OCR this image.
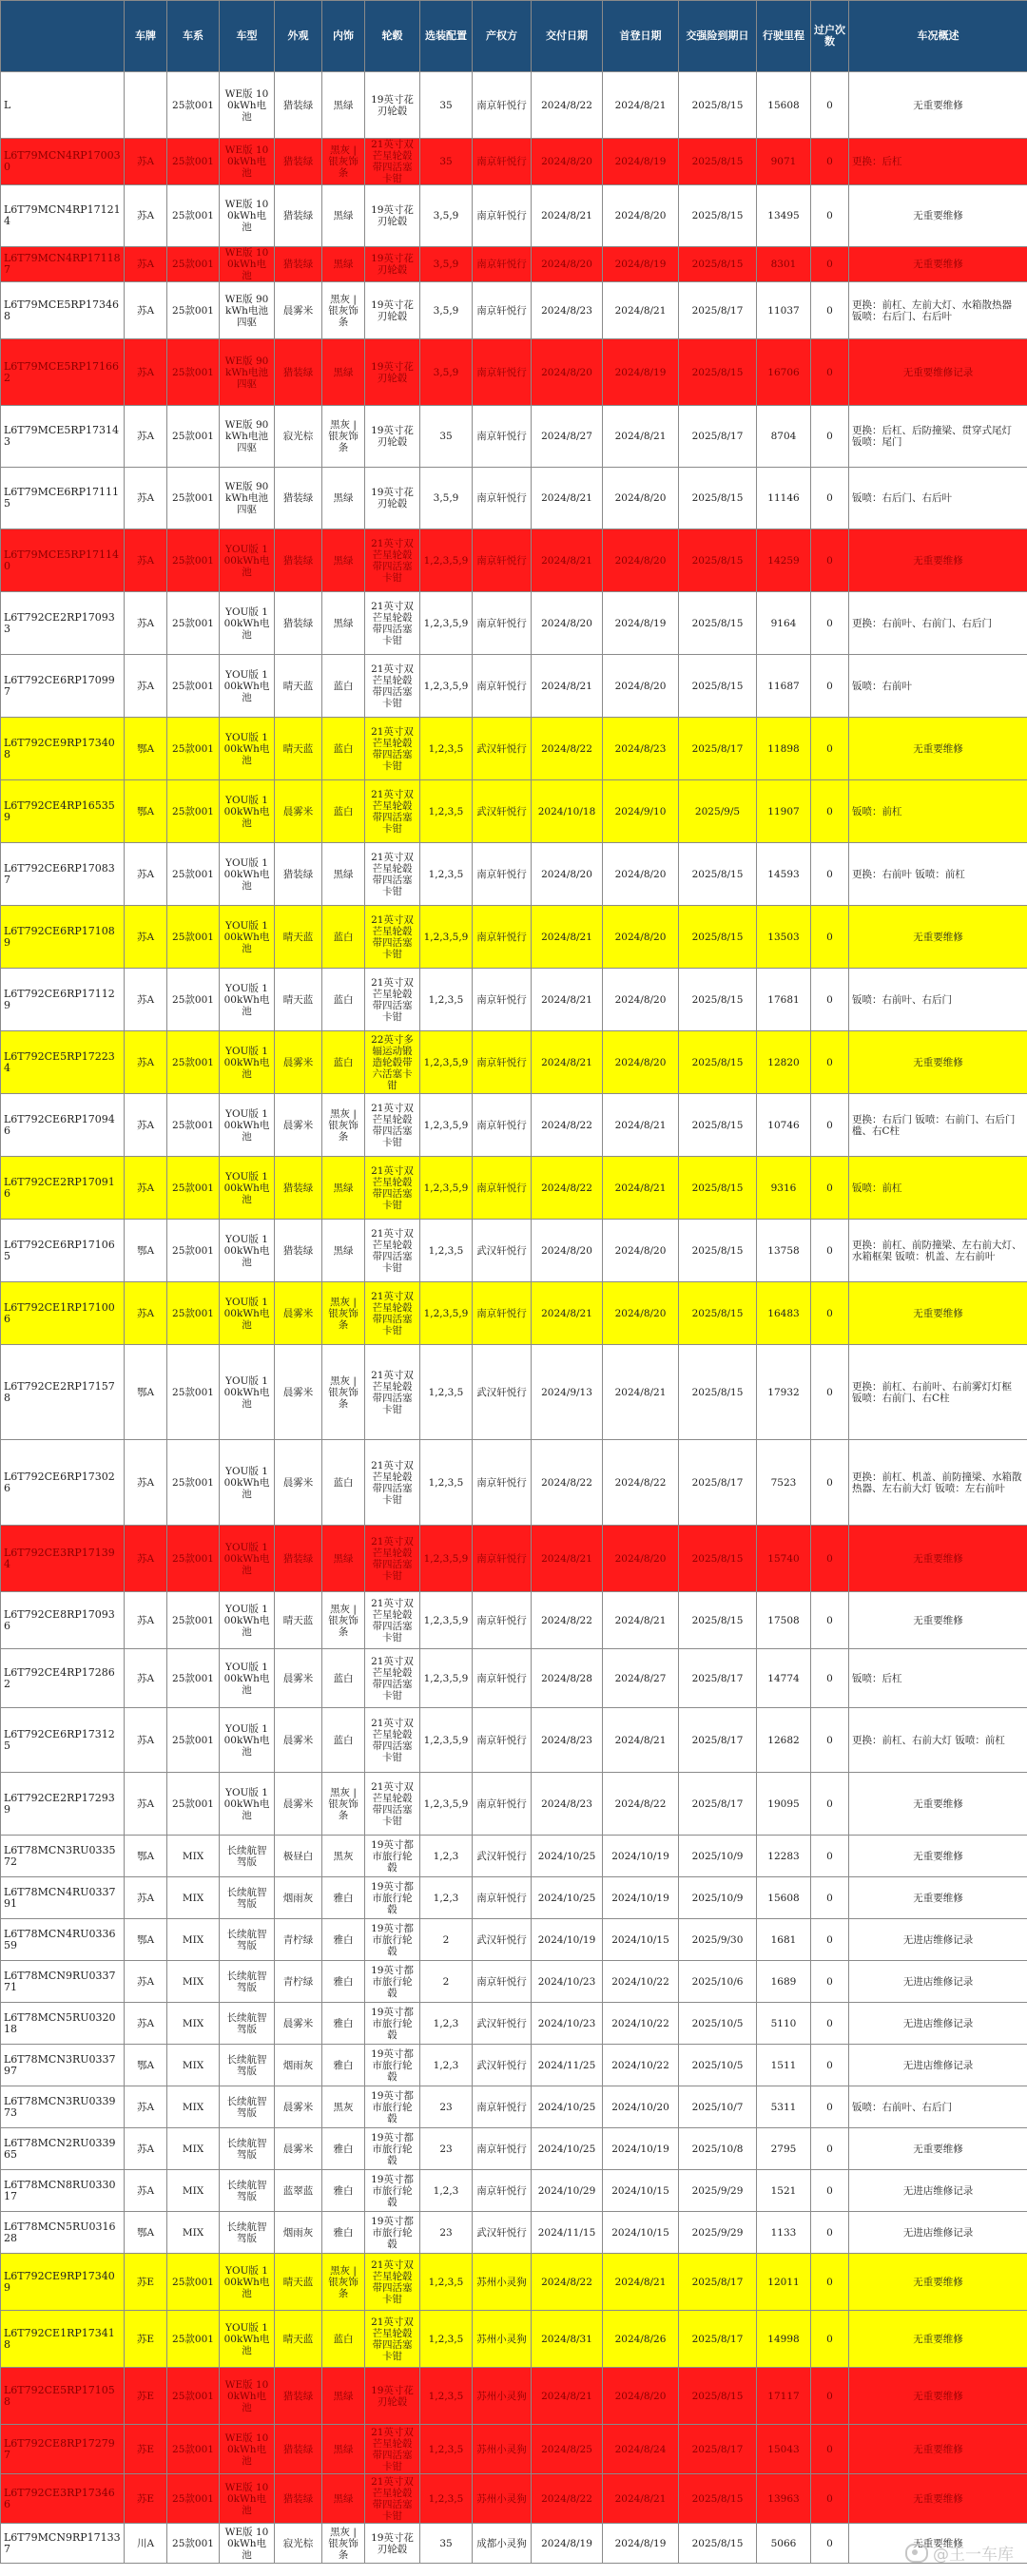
	车牌	车系	车型	外观	内饰	轮毂	选装配置	产权方	交付日期	首登日期	交强险到期日	行驶里程	过户次数	车况概述
L		25款001	WE版 100kWh电池	猎装绿	黑绿	19英寸花 刃轮毂	35	南京轩悦行	2024/8/22	2024/8/21	2025/8/15	15608	0	无重要维修
L6T79MCN4RP170030	苏A	25款001	WE版 100kWh电池	猎装绿	黑灰 | 银灰饰条	21英寸双芒星轮毂带四活塞卡钳	35	南京轩悦行	2024/8/20	2024/8/19	2025/8/15	9071	0	更换：后杠
L6T79MCN4RP171214	苏A	25款001	WE版 100kWh电池	猎装绿	黑绿	19英寸花 刃轮毂	3,5,9	南京轩悦行	2024/8/21	2024/8/20	2025/8/15	13495	0	无重要维修
L6T79MCN4RP171187	苏A	25款001	WE版 100kWh电池	猎装绿	黑绿	19英寸花 刃轮毂	3,5,9	南京轩悦行	2024/8/20	2024/8/19	2025/8/15	8301	0	无重要维修
L6T79MCE5RP173468	苏A	25款001	WE版 90kWh电池 四驱	晨雾米	黑灰 | 银灰饰条	19英寸花 刃轮毂	3,5,9	南京轩悦行	2024/8/23	2024/8/21	2025/8/17	11037	0	更换：前杠、左前大灯、水箱散热器 钣喷：右后门、右后叶
L6T79MCE5RP171662	苏A	25款001	WE版 90kWh电池 四驱	猎装绿	黑绿	19英寸花 刃轮毂	3,5,9	南京轩悦行	2024/8/20	2024/8/19	2025/8/15	16706	0	无重要维修记录
L6T79MCE5RP173143	苏A	25款001	WE版 90kWh电池 四驱	寂光棕	黑灰 | 银灰饰条	19英寸花 刃轮毂	35	南京轩悦行	2024/8/27	2024/8/21	2025/8/17	8704	0	更换：后杠、后防撞梁、贯穿式尾灯 钣喷：尾门
L6T79MCE6RP171115	苏A	25款001	WE版 90kWh电池 四驱	猎装绿	黑绿	19英寸花 刃轮毂	3,5,9	南京轩悦行	2024/8/21	2024/8/20	2025/8/15	11146	0	钣喷：右后门、右后叶
L6T79MCE5RP171140	苏A	25款001	YOU版 100kWh电池	猎装绿	黑绿	21英寸双芒星轮毂带四活塞卡钳	1,2,3,5,9	南京轩悦行	2024/8/21	2024/8/20	2025/8/15	14259	0	无重要维修
L6T792CE2RP170933	苏A	25款001	YOU版 100kWh电池	猎装绿	黑绿	21英寸双芒星轮毂带四活塞卡钳	1,2,3,5,9	南京轩悦行	2024/8/20	2024/8/19	2025/8/15	9164	0	更换：右前叶、右前门、右后门
L6T792CE6RP170997	苏A	25款001	YOU版 100kWh电池	晴天蓝	蓝白	21英寸双芒星轮毂带四活塞卡钳	1,2,3,5,9	南京轩悦行	2024/8/21	2024/8/20	2025/8/15	11687	0	钣喷：右前叶
L6T792CE9RP173408	鄂A	25款001	YOU版 100kWh电池	晴天蓝	蓝白	21英寸双芒星轮毂带四活塞卡钳	1,2,3,5	武汉轩悦行	2024/8/22	2024/8/23	2025/8/17	11898	0	无重要维修
L6T792CE4RP165359	鄂A	25款001	YOU版 100kWh电池	晨雾米	蓝白	21英寸双芒星轮毂带四活塞卡钳	1,2,3,5	武汉轩悦行	2024/10/18	2024/9/10	2025/9/5	11907	0	钣喷：前杠
L6T792CE6RP170837	苏A	25款001	YOU版 100kWh电池	猎装绿	黑绿	21英寸双芒星轮毂带四活塞卡钳	1,2,3,5	南京轩悦行	2024/8/20	2024/8/20	2025/8/15	14593	0	更换：右前叶 钣喷：前杠
L6T792CE6RP171089	苏A	25款001	YOU版 100kWh电池	晴天蓝	蓝白	21英寸双芒星轮毂带四活塞卡钳	1,2,3,5,9	南京轩悦行	2024/8/21	2024/8/20	2025/8/15	13503	0	无重要维修
L6T792CE6RP171129	苏A	25款001	YOU版 100kWh电池	晴天蓝	蓝白	21英寸双芒星轮毂带四活塞卡钳	1,2,3,5	南京轩悦行	2024/8/21	2024/8/20	2025/8/15	17681	0	钣喷：右前叶、右后门
L6T792CE5RP172234	苏A	25款001	YOU版 100kWh电池	晨雾米	蓝白	22英寸多辐运动锻造轮毂带六活塞卡钳	1,2,3,5,9	南京轩悦行	2024/8/21	2024/8/20	2025/8/15	12820	0	无重要维修
L6T792CE6RP170946	苏A	25款001	YOU版 100kWh电池	晨雾米	黑灰 | 银灰饰条	21英寸双芒星轮毂带四活塞卡钳	1,2,3,5,9	南京轩悦行	2024/8/22	2024/8/21	2025/8/15	10746	0	更换：右后门 钣喷：右前门、右后门槛、右C柱
L6T792CE2RP170916	苏A	25款001	YOU版 100kWh电池	猎装绿	黑绿	21英寸双芒星轮毂带四活塞卡钳	1,2,3,5,9	南京轩悦行	2024/8/22	2024/8/21	2025/8/15	9316	0	钣喷：前杠
L6T792CE6RP171065	鄂A	25款001	YOU版 100kWh电池	猎装绿	黑绿	21英寸双芒星轮毂带四活塞卡钳	1,2,3,5	武汉轩悦行	2024/8/20	2024/8/20	2025/8/15	13758	0	更换：前杠、前防撞梁、左右前大灯、水箱框架 钣喷：机盖、左右前叶
L6T792CE1RP171006	苏A	25款001	YOU版 100kWh电池	晨雾米	黑灰 | 银灰饰条	21英寸双芒星轮毂带四活塞卡钳	1,2,3,5,9	南京轩悦行	2024/8/21	2024/8/20	2025/8/15	16483	0	无重要维修
L6T792CE2RP171578	鄂A	25款001	YOU版 100kWh电池	晨雾米	黑灰 | 银灰饰条	21英寸双芒星轮毂带四活塞卡钳	1,2,3,5	武汉轩悦行	2024/9/13	2024/8/21	2025/8/15	17932	0	更换：前杠、右前叶、右前雾灯灯框 钣喷：右前门、右C柱
L6T792CE6RP173026	苏A	25款001	YOU版 100kWh电池	晨雾米	蓝白	21英寸双芒星轮毂带四活塞卡钳	1,2,3,5	南京轩悦行	2024/8/22	2024/8/22	2025/8/17	7523	0	更换：前杠、机盖、前防撞梁、水箱散热器、左右前大灯 钣喷：左右前叶
L6T792CE3RP171394	苏A	25款001	YOU版 100kWh电池	猎装绿	黑绿	21英寸双芒星轮毂带四活塞卡钳	1,2,3,5,9	南京轩悦行	2024/8/21	2024/8/20	2025/8/15	15740	0	无重要维修
L6T792CE8RP170936	苏A	25款001	YOU版 100kWh电池	晴天蓝	黑灰 | 银灰饰条	21英寸双芒星轮毂带四活塞卡钳	1,2,3,5,9	南京轩悦行	2024/8/22	2024/8/21	2025/8/15	17508	0	无重要维修
L6T792CE4RP172862	苏A	25款001	YOU版 100kWh电池	晨雾米	蓝白	21英寸双芒星轮毂带四活塞卡钳	1,2,3,5,9	南京轩悦行	2024/8/28	2024/8/27	2025/8/17	14774	0	钣喷：后杠
L6T792CE6RP173125	苏A	25款001	YOU版 100kWh电池	晨雾米	蓝白	21英寸双芒星轮毂带四活塞卡钳	1,2,3,5,9	南京轩悦行	2024/8/23	2024/8/21	2025/8/17	12682	0	更换：前杠、右前大灯 钣喷：前杠
L6T792CE2RP172939	苏A	25款001	YOU版 100kWh电池	晨雾米	黑灰 | 银灰饰条	21英寸双芒星轮毂带四活塞卡钳	1,2,3,5,9	南京轩悦行	2024/8/23	2024/8/22	2025/8/17	19095	0	无重要维修
L6T78MCN3RU033572	鄂A	MIX	长续航智驾版	极昼白	黑灰	19英寸都市旅行轮毂	1,2,3	武汉轩悦行	2024/10/25	2024/10/19	2025/10/9	12283	0	无重要维修
L6T78MCN4RU033791	苏A	MIX	长续航智驾版	烟雨灰	雅白	19英寸都市旅行轮毂	1,2,3	南京轩悦行	2024/10/25	2024/10/19	2025/10/9	15608	0	无重要维修
L6T78MCN4RU033659	鄂A	MIX	长续航智驾版	青柠绿	雅白	19英寸都市旅行轮毂	2	武汉轩悦行	2024/10/19	2024/10/15	2025/9/30	1681	0	无进店维修记录
L6T78MCN9RU033771	苏A	MIX	长续航智驾版	青柠绿	雅白	19英寸都市旅行轮毂	2	南京轩悦行	2024/10/23	2024/10/22	2025/10/6	1689	0	无进店维修记录
L6T78MCN5RU032018	苏A	MIX	长续航智驾版	晨雾米	雅白	19英寸都市旅行轮毂	1,2,3	武汉轩悦行	2024/10/23	2024/10/22	2025/10/5	5110	0	无进店维修记录
L6T78MCN3RU033797	鄂A	MIX	长续航智驾版	烟雨灰	雅白	19英寸都市旅行轮毂	1,2,3	武汉轩悦行	2024/11/25	2024/10/22	2025/10/5	1511	0	无进店维修记录
L6T78MCN3RU033973	苏A	MIX	长续航智驾版	晨雾米	黑灰	19英寸都市旅行轮毂	23	南京轩悦行	2024/10/25	2024/10/20	2025/10/7	5311	0	钣喷：右前叶、右后门
L6T78MCN2RU033965	苏A	MIX	长续航智驾版	晨雾米	雅白	19英寸都市旅行轮毂	23	南京轩悦行	2024/10/25	2024/10/19	2025/10/8	2795	0	无重要维修
L6T78MCN8RU033017	苏A	MIX	长续航智驾版	蓝翠蓝	雅白	19英寸都市旅行轮毂	1,2,3	南京轩悦行	2024/10/29	2024/10/15	2025/9/29	1521	0	无进店维修记录
L6T78MCN5RU031628	鄂A	MIX	长续航智驾版	烟雨灰	雅白	19英寸都市旅行轮毂	23	武汉轩悦行	2024/11/15	2024/10/15	2025/9/29	1133	0	无进店维修记录
L6T792CE9RP173409	苏E	25款001	YOU版 100kWh电池	晴天蓝	黑灰 | 银灰饰条	21英寸双芒星轮毂带四活塞卡钳	1,2,3,5	苏州小灵狗	2024/8/22	2024/8/21	2025/8/17	12011	0	无重要维修
L6T792CE1RP173418	苏E	25款001	YOU版 100kWh电池	晴天蓝	蓝白	21英寸双芒星轮毂带四活塞卡钳	1,2,3,5	苏州小灵狗	2024/8/31	2024/8/26	2025/8/17	14998	0	无重要维修
L6T792CE5RP171058	苏E	25款001	WE版 100kWh电池	猎装绿	黑绿	19英寸花 刃轮毂	1,2,3,5	苏州小灵狗	2024/8/21	2024/8/20	2025/8/15	17117	0	无重要维修
L6T792CE8RP172797	苏E	25款001	WE版 100kWh电池	猎装绿	黑绿	21英寸双芒星轮毂带四活塞卡钳	1,2,3,5	苏州小灵狗	2024/8/25	2024/8/24	2025/8/17	15043	0	无重要维修
L6T792CE3RP173466	苏E	25款001	WE版 100kWh电池	猎装绿	黑绿	21英寸双芒星轮毂带四活塞卡钳	1,2,3,5	苏州小灵狗	2024/8/22	2024/8/21	2025/8/15	13963	0	无重要维修
L6T79MCN9RP171337	川A	25款001	WE版 100kWh电池	寂光棕	黑灰 | 银灰饰条	19英寸花 刃轮毂	35	成都小灵狗	2024/8/19	2024/8/19	2025/8/15	5066	0	无重要维修
@王一车库
